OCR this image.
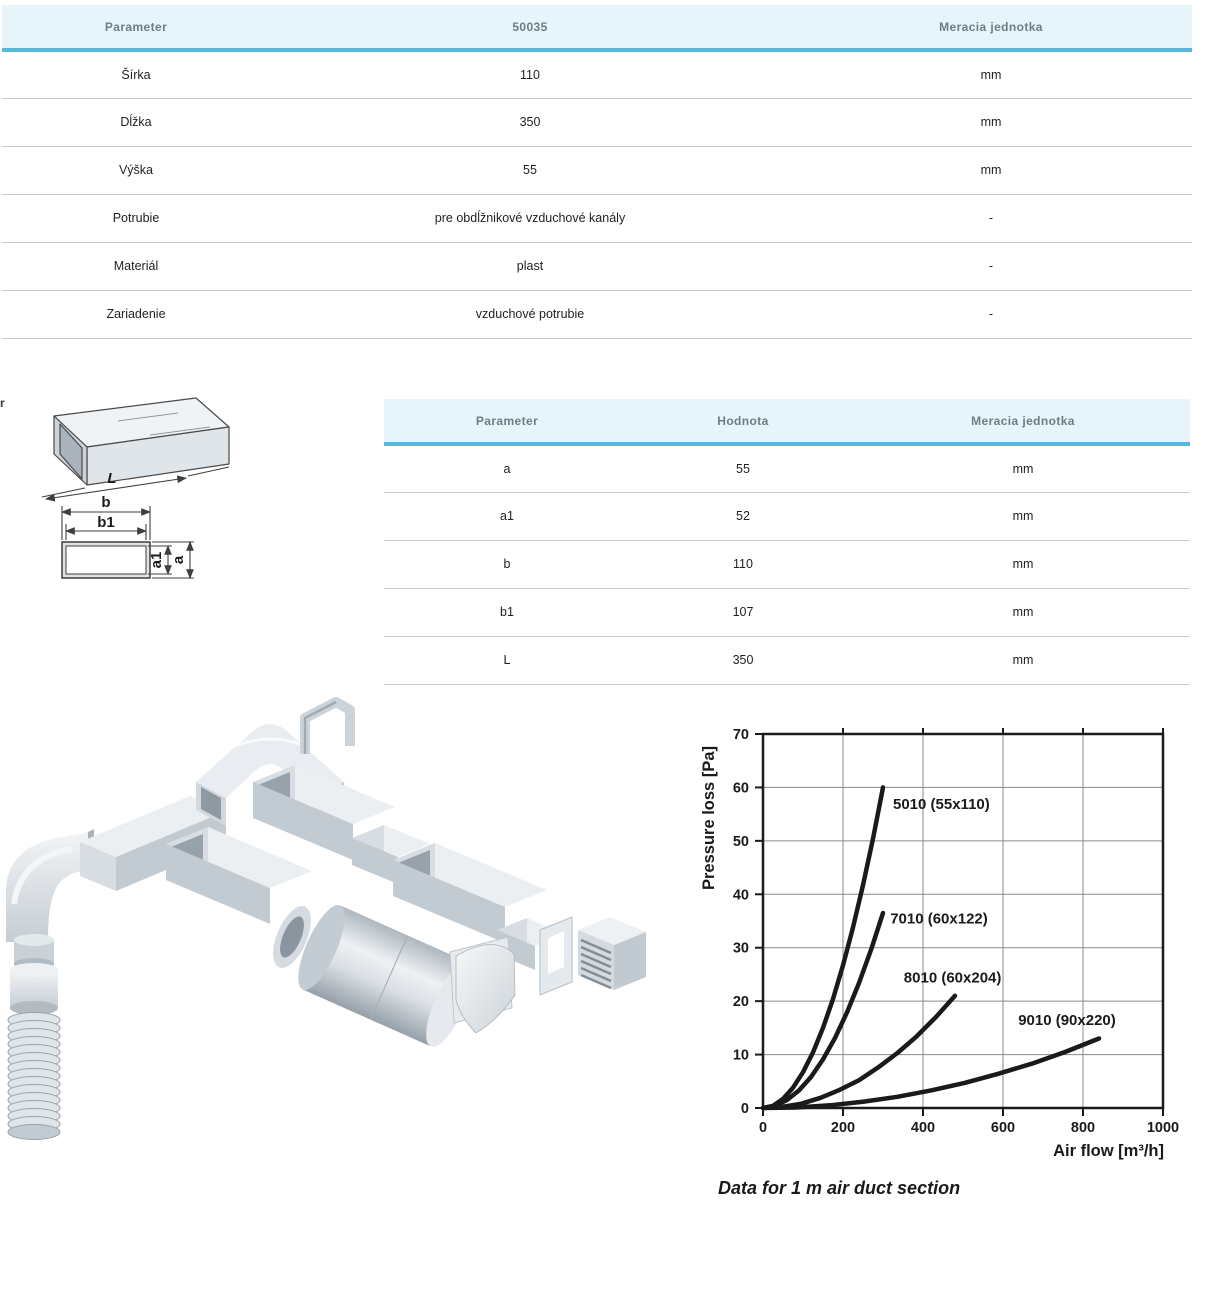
Parameter	50035	Meracia jednotka
Šírka	110	mm
Dĺžka	350	mm
Výška	55	mm
Potrubie	pre obdĺžnikové vzduchové kanály	-
Materiál	plast	-
Zariadenie	vzduchové potrubie	-
r
L
b
b1
a1 a
Parameter	Hodnota	Meracia jednotka
a	55	mm
a1	52	mm
b	110	mm
b1	107	mm
L	350	mm
0
10
20
30
40
50
60
70
0	200	400	600	800	1000
5010 (55x110)
7010 (60x122)
8010 (60x204)
9010 (90x220)
Pressure loss [Pa]
Air flow [m³/h]
Data for 1 m air duct section
